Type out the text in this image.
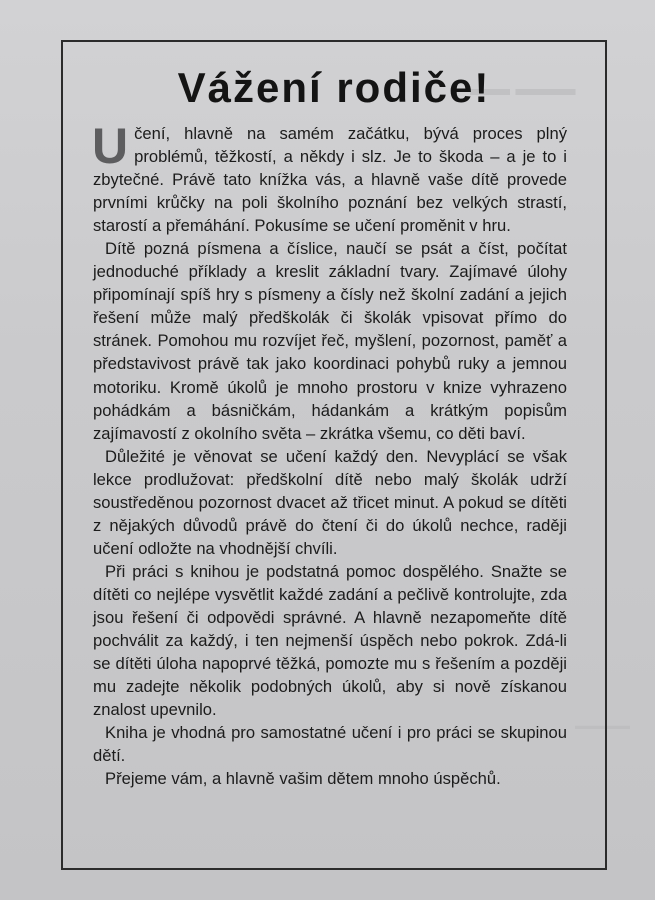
▬▬ ▬▬▬
▬▬▬▬▬
Vážení rodiče!

Učení, hlavně na samém začátku, bývá proces plný problémů, těžkostí, a někdy i slz. Je to škoda – a je to i zbytečné. Právě tato knížka vás, a hlavně vaše dítě provede prvními krůčky na poli školního poznání bez velkých strastí, starostí a přemáhání. Pokusíme se učení proměnit v hru.

Dítě pozná písmena a číslice, naučí se psát a číst, počítat jednoduché příklady a kreslit základní tvary. Zajímavé úlohy připomínají spíš hry s písmeny a čísly než školní zadání a jejich řešení může malý předškolák či školák vpisovat přímo do stránek. Pomohou mu rozvíjet řeč, myšlení, pozornost, paměť a představivost právě tak jako koordinaci pohybů ruky a jemnou motoriku. Kromě úkolů je mnoho prostoru v knize vyhrazeno pohádkám a básničkám, hádankám a krátkým popisům zajímavostí z okolního světa – zkrátka všemu, co děti baví.

Důležité je věnovat se učení každý den. Nevyplácí se však lekce prodlužovat: předškolní dítě nebo malý školák udrží soustředěnou pozornost dvacet až třicet minut. A pokud se dítěti z nějakých důvodů právě do čtení či do úkolů nechce, raději učení odložte na vhodnější chvíli.

Při práci s knihou je podstatná pomoc dospělého. Snažte se dítěti co nejlépe vysvětlit každé zadání a pečlivě kontrolujte, zda jsou řešení či odpovědi správné. A hlavně nezapomeňte dítě pochválit za každý, i ten nejmenší úspěch nebo pokrok. Zdá-li se dítěti úloha napoprvé těžká, pomozte mu s řešením a později mu zadejte několik podobných úkolů, aby si nově získanou znalost upevnilo.

Kniha je vhodná pro samostatné učení i pro práci se skupinou dětí.

Přejeme vám, a hlavně vašim dětem mnoho úspěchů.
